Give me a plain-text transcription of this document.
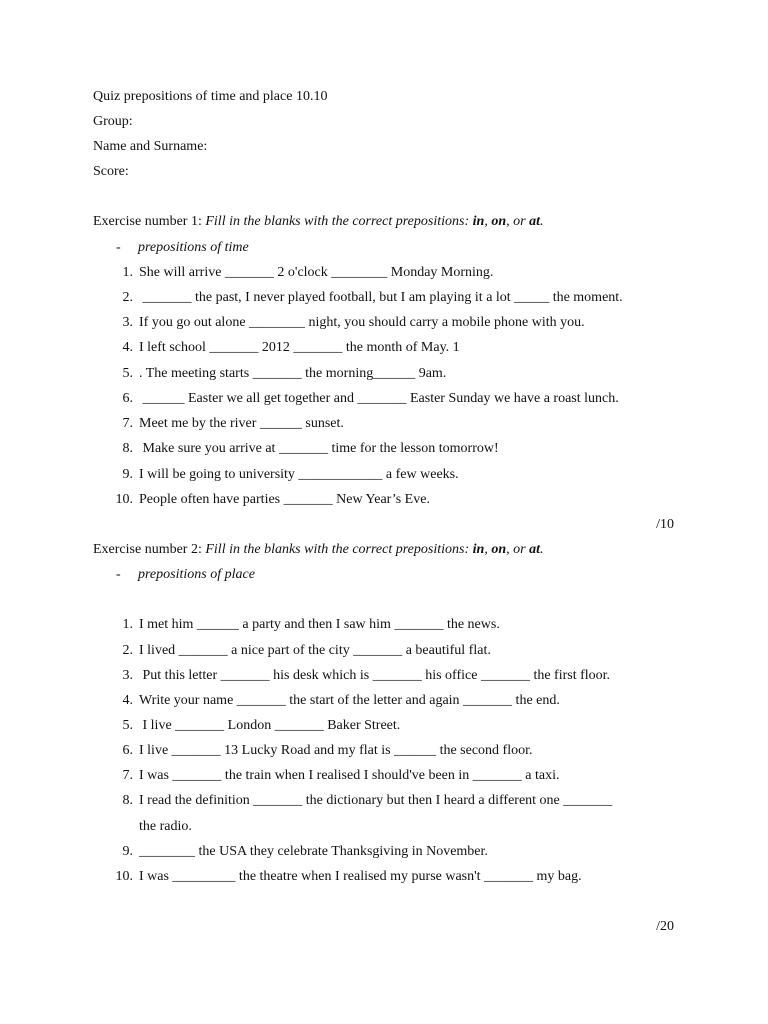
Quiz prepositions of time and place 10.10
Group:
Name and Surname:
Score:
Exercise number 1: Fill in the blanks with the correct prepositions: in, on, or at.
- prepositions of time
1. She will arrive _______ 2 o'clock ________ Monday Morning.
2. _______ the past, I never played football, but I am playing it a lot _____ the moment.
3. If you go out alone ________ night, you should carry a mobile phone with you.
4. I left school _______ 2012 _______ the month of May. 1
5. . The meeting starts _______ the morning______ 9am.
6. ______ Easter we all get together and _______ Easter Sunday we have a roast lunch.
7. Meet me by the river ______ sunset.
8. Make sure you arrive at _______ time for the lesson tomorrow!
9. I will be going to university ____________ a few weeks.
10. People often have parties _______ New Year’s Eve.
/10
Exercise number 2: Fill in the blanks with the correct prepositions: in, on, or at.
- prepositions of place
1. I met him ______ a party and then I saw him _______ the news.
2. I lived _______ a nice part of the city _______ a beautiful flat.
3. Put this letter _______ his desk which is _______ his office _______ the first floor.
4. Write your name _______ the start of the letter and again _______ the end.
5. I live _______ London _______ Baker Street.
6. I live _______ 13 Lucky Road and my flat is ______ the second floor.
7. I was _______ the train when I realised I should've been in _______ a taxi.
8. I read the definition _______ the dictionary but then I heard a different one _______
the radio.
9. ________ the USA they celebrate Thanksgiving in November.
10. I was _________ the theatre when I realised my purse wasn't _______ my bag.
/20
